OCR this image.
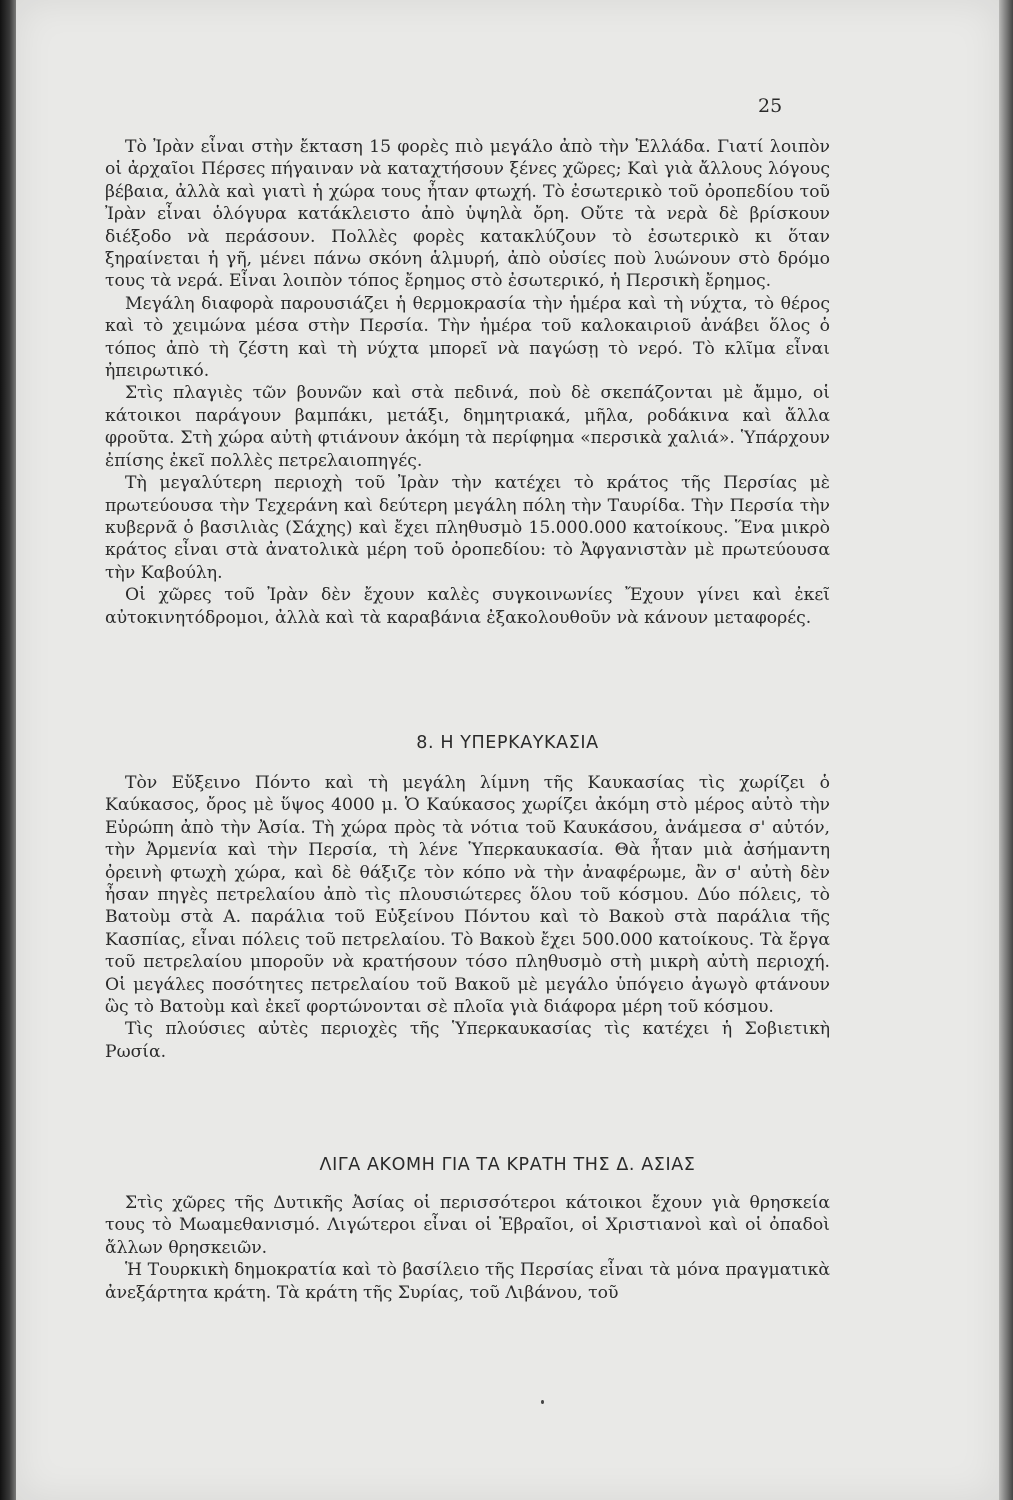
25

Τὸ Ἰρὰν εἶναι στὴν ἔκταση 15 φορὲς πιὸ μεγάλο ἀπὸ τὴν Ἑλλάδα. Γιατί λοιπὸν οἱ ἀρχαῖοι Πέρσες πήγαιναν νὰ καταχτήσουν ξένες χῶρες; Καὶ γιὰ ἄλλους λόγους βέβαια, ἀλλὰ καὶ γιατὶ ἡ χώρα τους ἦταν φτωχή. Τὸ ἐσωτερικὸ τοῦ ὀροπεδίου τοῦ Ἰρὰν εἶναι ὁλόγυρα κατάκλειστο ἀπὸ ὑψηλὰ ὄρη. Οὔτε τὰ νερὰ δὲ βρίσκουν διέξοδο νὰ περάσουν. Πολλὲς φορὲς κατακλύζουν τὸ ἐσωτερικὸ κι ὅταν ξηραίνεται ἡ γῆ, μένει πάνω σκόνη ἁλμυρή, ἀπὸ οὐσίες ποὺ λυώνουν στὸ δρόμο τους τὰ νερά. Εἶναι λοιπὸν τόπος ἔρημος στὸ ἐσωτερικό, ἡ Περσικὴ ἔρημος.

Μεγάλη διαφορὰ παρουσιάζει ἡ θερμοκρασία τὴν ἡμέρα καὶ τὴ νύχτα, τὸ θέρος καὶ τὸ χειμώνα μέσα στὴν Περσία. Τὴν ἡμέρα τοῦ καλοκαιριοῦ ἀνάβει ὅλος ὁ τόπος ἀπὸ τὴ ζέστη καὶ τὴ νύχτα μπορεῖ νὰ παγώσῃ τὸ νερό. Τὸ κλῖμα εἶναι ἠπειρωτικό.

Στὶς πλαγιὲς τῶν βουνῶν καὶ στὰ πεδινά, ποὺ δὲ σκεπάζονται μὲ ἄμμο, οἱ κάτοικοι παράγουν βαμπάκι, μετάξι, δημητριακά, μῆλα, ροδάκινα καὶ ἄλλα φροῦτα. Στὴ χώρα αὐτὴ φτιάνουν ἀκόμη τὰ περίφημα «περσικὰ χαλιά». Ὑπάρχουν ἐπίσης ἐκεῖ πολλὲς πετρελαιοπηγές.

Τὴ μεγαλύτερη περιοχὴ τοῦ Ἰρὰν τὴν κατέχει τὸ κράτος τῆς Περσίας μὲ πρωτεύουσα τὴν Τεχεράνη καὶ δεύτερη μεγάλη πόλη τὴν Ταυρίδα. Τὴν Περσία τὴν κυβερνᾶ ὁ βασιλιὰς (Σάχης) καὶ ἔχει πληθυσμὸ 15.000.000 κατοίκους. Ἕνα μικρὸ κράτος εἶναι στὰ ἀνατολικὰ μέρη τοῦ ὀροπεδίου: τὸ Ἀφγανιστὰν μὲ πρωτεύουσα τὴν Καβούλη.

Οἱ χῶρες τοῦ Ἰρὰν δὲν ἔχουν καλὲς συγκοινωνίες Ἔχουν γίνει καὶ ἐκεῖ αὐτοκινητόδρομοι, ἀλλὰ καὶ τὰ καραβάνια ἐξακολουθοῦν νὰ κάνουν μεταφορές.

8. Η ΥΠΕΡΚΑΥΚΑΣΙΑ

Τὸν Εὔξεινο Πόντο καὶ τὴ μεγάλη λίμνη τῆς Καυκασίας τὶς χωρίζει ὁ Καύκασος, ὄρος μὲ ὕψος 4000 μ. Ὁ Καύκασος χωρίζει ἀκόμη στὸ μέρος αὐτὸ τὴν Εὐρώπη ἀπὸ τὴν Ἀσία. Τὴ χώρα πρὸς τὰ νότια τοῦ Καυκάσου, ἀνάμεσα σ' αὐτόν, τὴν Ἀρμενία καὶ τὴν Περσία, τὴ λένε Ὑπερκαυκασία. Θὰ ἦταν μιὰ ἀσήμαντη ὀρεινὴ φτωχὴ χώρα, καὶ δὲ θάξιζε τὸν κόπο νὰ τὴν ἀναφέρωμε, ἂν σ' αὐτὴ δὲν ἦσαν πηγὲς πετρελαίου ἀπὸ τὶς πλουσιώτερες ὅλου τοῦ κόσμου. Δύο πόλεις, τὸ Βατοὺμ στὰ Α. παράλια τοῦ Εὐξείνου Πόντου καὶ τὸ Βακοὺ στὰ παράλια τῆς Κασπίας, εἶναι πόλεις τοῦ πετρελαίου. Τὸ Βακοὺ ἔχει 500.000 κατοίκους. Τὰ ἔργα τοῦ πετρελαίου μποροῦν νὰ κρατήσουν τόσο πληθυσμὸ στὴ μικρὴ αὐτὴ περιοχή. Οἱ μεγάλες ποσότητες πετρελαίου τοῦ Βακοῦ μὲ μεγάλο ὑπόγειο ἀγωγὸ φτάνουν ὣς τὸ Βατοὺμ καὶ ἐκεῖ φορτώνονται σὲ πλοῖα γιὰ διάφορα μέρη τοῦ κόσμου.

Τὶς πλούσιες αὐτὲς περιοχὲς τῆς Ὑπερκαυκασίας τὶς κατέχει ἡ Σοβιετικὴ Ρωσία.

ΛΙΓΑ ΑΚΟΜΗ ΓΙΑ ΤΑ ΚΡΑΤΗ ΤΗΣ Δ. ΑΣΙΑΣ

Στὶς χῶρες τῆς Δυτικῆς Ἀσίας οἱ περισσότεροι κάτοικοι ἔχουν γιὰ θρησκεία τους τὸ Μωαμεθανισμό. Λιγώτεροι εἶναι οἱ Ἑβραῖοι, οἱ Χριστιανοὶ καὶ οἱ ὀπαδοὶ ἄλλων θρησκειῶν.

Ἡ Τουρκικὴ δημοκρατία καὶ τὸ βασίλειο τῆς Περσίας εἶναι τὰ μόνα πραγματικὰ ἀνεξάρτητα κράτη. Τὰ κράτη τῆς Συρίας, τοῦ Λιβάνου, τοῦ
